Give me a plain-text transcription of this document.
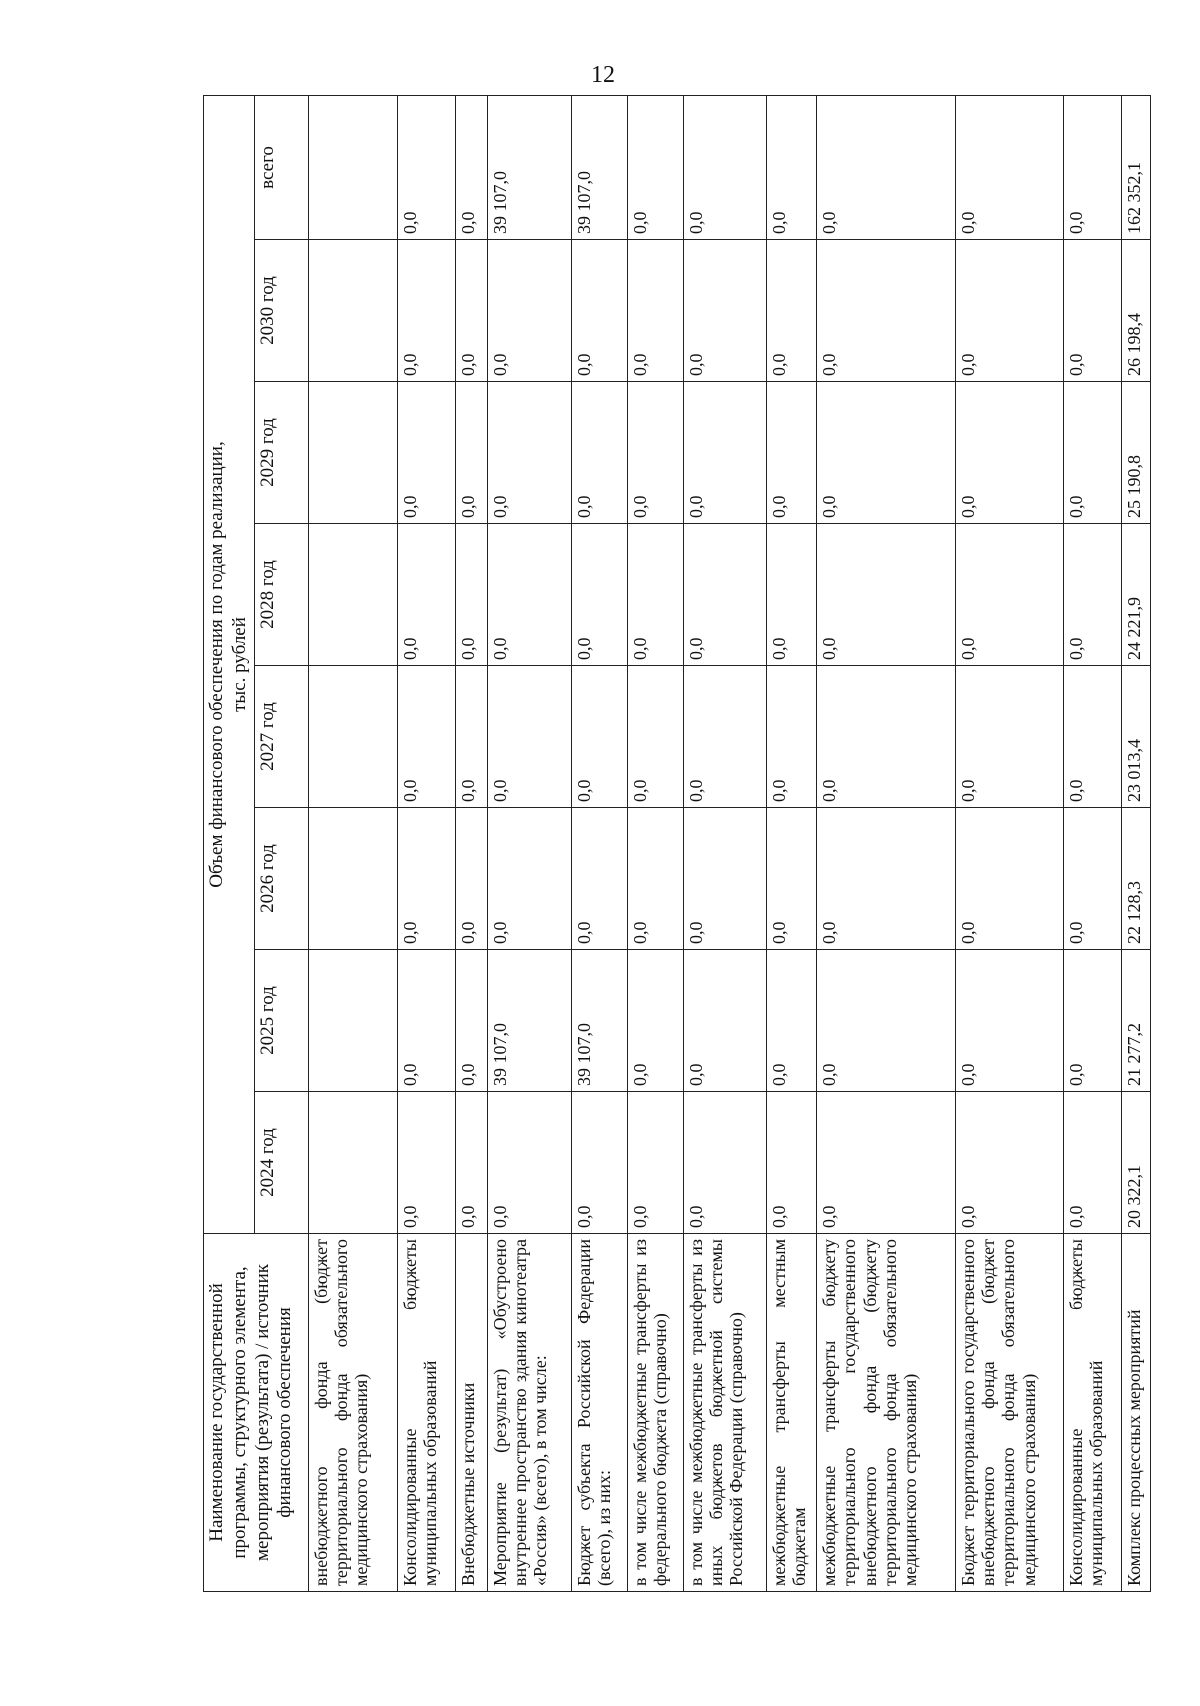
12
Наименование государственной программы, структурного элемента, мероприятия (результата) / источник финансового обеспечения	Объем финансового обеспечения по годам реализации, тыс. рублей							

	2024 год	2025 год	2026 год	2027 год	2028 год	2029 год	2030 год	всего
внебюджетного фонда (бюджет территориального фонда обязательного медицинского страхования)								
Консолидированные бюджеты муниципальных образований	0,0	0,0	0,0	0,0	0,0	0,0	0,0	0,0
Внебюджетные источники	0,0	0,0	0,0	0,0	0,0	0,0	0,0	0,0
Мероприятие (результат) «Обустроено внутреннее пространство здания кинотеатра «Россия» (всего), в том числе:	0,0	39 107,0	0,0	0,0	0,0	0,0	0,0	39 107,0
Бюджет субъекта Российской Федерации (всего), из них:	0,0	39 107,0	0,0	0,0	0,0	0,0	0,0	39 107,0
в том числе межбюджетные трансферты из федерального бюджета (справочно)	0,0	0,0	0,0	0,0	0,0	0,0	0,0	0,0
в том числе межбюджетные трансферты из иных бюджетов бюджетной системы Российской Федерации (справочно)	0,0	0,0	0,0	0,0	0,0	0,0	0,0	0,0
межбюджетные трансферты местным бюджетам	0,0	0,0	0,0	0,0	0,0	0,0	0,0	0,0
межбюджетные трансферты бюджету территориального государственного внебюджетного фонда (бюджету территориального фонда обязательного медицинского страхования)	0,0	0,0	0,0	0,0	0,0	0,0	0,0	0,0
Бюджет территориального государственного внебюджетного фонда (бюджет территориального фонда обязательного медицинского страхования)	0,0	0,0	0,0	0,0	0,0	0,0	0,0	0,0
Консолидированные бюджеты муниципальных образований	0,0	0,0	0,0	0,0	0,0	0,0	0,0	0,0
Комплекс процессных мероприятий	20 322,1	21 277,2	22 128,3	23 013,4	24 221,9	25 190,8	26 198,4	162 352,1
